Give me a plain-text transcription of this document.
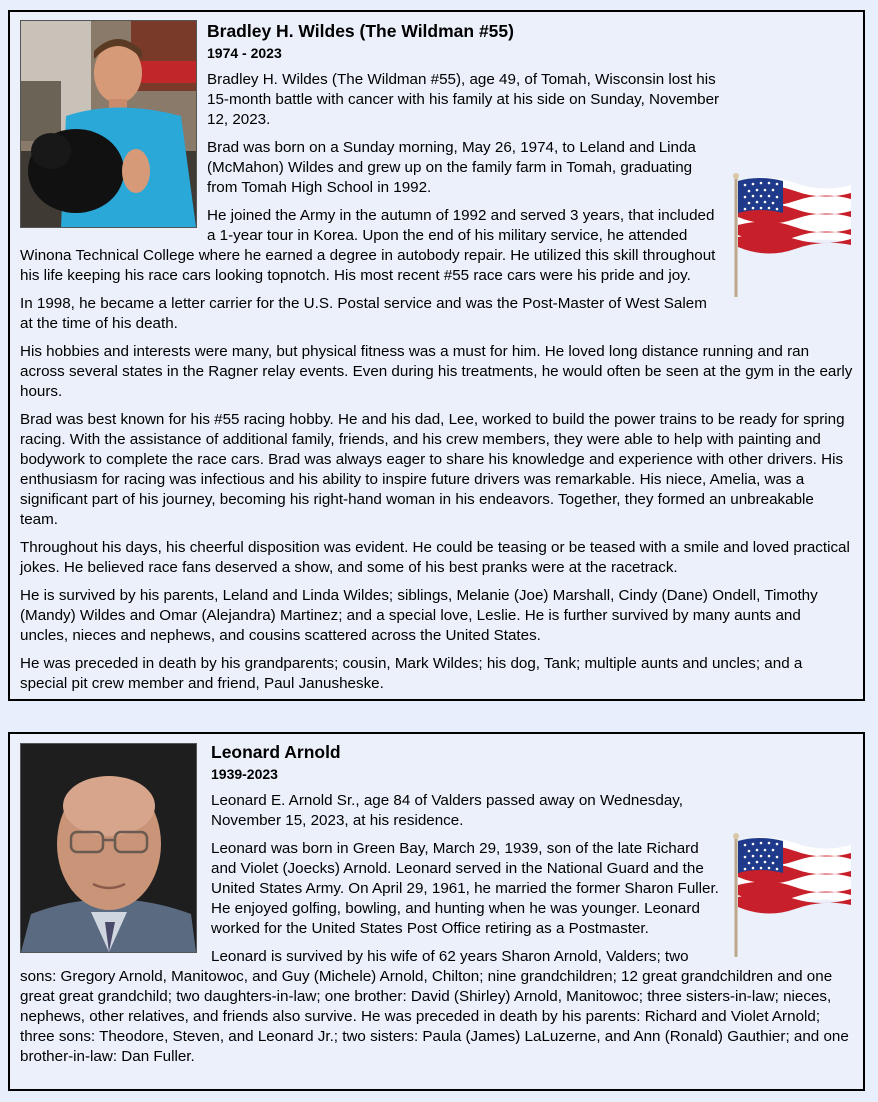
Bradley H. Wildes (The Wildman #55)
1974 - 2023

Bradley H. Wildes (The Wildman #55), age 49, of Tomah, Wisconsin lost his 15-month battle with cancer with his family at his side on Sunday, November 12, 2023.

Brad was born on a Sunday morning, May 26, 1974, to Leland and Linda (McMahon) Wildes and grew up on the family farm in Tomah, graduating from Tomah High School in 1992.

He joined the Army in the autumn of 1992 and served 3 years, that included a 1-year tour in Korea. Upon the end of his military service, he attended Winona Technical College where he earned a degree in autobody repair. He utilized this skill throughout his life keeping his race cars looking topnotch. His most recent #55 race cars were his pride and joy.

In 1998, he became a letter carrier for the U.S. Postal service and was the Post-Master of West Salem at the time of his death.

His hobbies and interests were many, but physical fitness was a must for him. He loved long distance running and ran across several states in the Ragner relay events. Even during his treatments, he would often be seen at the gym in the early hours.

Brad was best known for his #55 racing hobby. He and his dad, Lee, worked to build the power trains to be ready for spring racing. With the assistance of additional family, friends, and his crew members, they were able to help with painting and bodywork to complete the race cars. Brad was always eager to share his knowledge and experience with other drivers. His enthusiasm for racing was infectious and his ability to inspire future drivers was remarkable. His niece, Amelia, was a significant part of his journey, becoming his right-hand woman in his endeavors. Together, they formed an unbreakable team.

Throughout his days, his cheerful disposition was evident. He could be teasing or be teased with a smile and loved practical jokes. He believed race fans deserved a show, and some of his best pranks were at the racetrack.

He is survived by his parents, Leland and Linda Wildes; siblings, Melanie (Joe) Marshall, Cindy (Dane) Ondell, Timothy (Mandy) Wildes and Omar (Alejandra) Martinez; and a special love, Leslie. He is further survived by many aunts and uncles, nieces and nephews, and cousins scattered across the United States.

He was preceded in death by his grandparents; cousin, Mark Wildes; his dog, Tank; multiple aunts and uncles; and a special pit crew member and friend, Paul Janusheske.

Leonard Arnold
1939-2023

Leonard E. Arnold Sr., age 84 of Valders passed away on Wednesday, November 15, 2023, at his residence.

Leonard was born in Green Bay, March 29, 1939, son of the late Richard and Violet (Joecks) Arnold. Leonard served in the National Guard and the United States Army. On April 29, 1961, he married the former Sharon Fuller. He enjoyed golfing, bowling, and hunting when he was younger. Leonard worked for the United States Post Office retiring as a Postmaster.

Leonard is survived by his wife of 62 years Sharon Arnold, Valders; two sons: Gregory Arnold, Manitowoc, and Guy (Michele) Arnold, Chilton; nine grandchildren; 12 great grandchildren and one great great grandchild; two daughters-in-law; one brother: David (Shirley) Arnold, Manitowoc; three sisters-in-law; nieces, nephews, other relatives, and friends also survive. He was preceded in death by his parents: Richard and Violet Arnold; three sons: Theodore, Steven, and Leonard Jr.; two sisters: Paula (James) LaLuzerne, and Ann (Ronald) Gauthier; and one brother-in-law: Dan Fuller.
